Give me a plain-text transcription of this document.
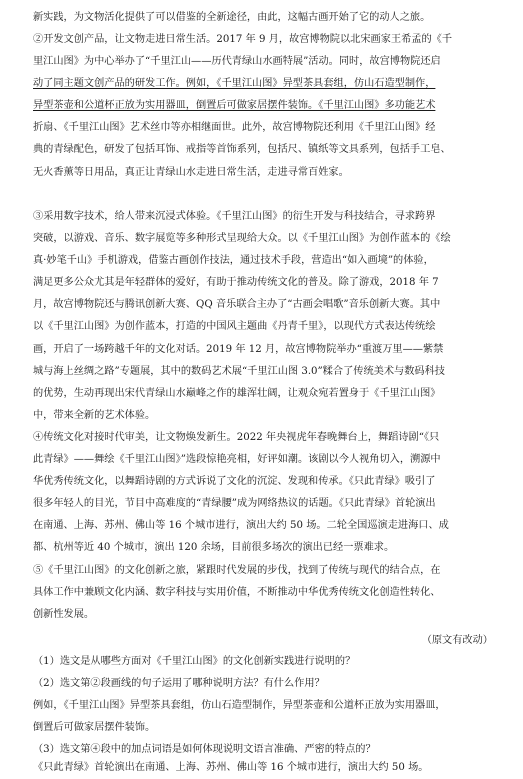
新实践，为文物活化提供了可以借鉴的全新途径，由此，这幅古画开始了它的动人之旅。
②开发文创产品，让文物走进日常生活。2017 年 9 月，故宫博物院以北宋画家王希孟的《千
里江山图》为中心举办了“千里江山——历代青绿山水画特展”活动。同时，故宫博物院还启
动了同主题文创产品的研发工作。例如，《千里江山图》异型茶具套组，仿山石造型制作，
异型茶壶和公道杯正放为实用器皿，倒置后可做家居摆件装饰。《千里江山图》多功能艺术
折扇、《千里江山图》艺术丝巾等亦相继面世。此外，故宫博物院还利用《千里江山图》经
典的青绿配色，研发了包括耳饰、戒指等首饰系列，包括尺、镇纸等文具系列，包括手工皂、
无火香薰等日用品，真正让青绿山水走进日常生活，走进寻常百姓家。
③采用数字技术，给人带来沉浸式体验。《千里江山图》的衍生开发与科技结合，寻求跨界
突破，以游戏、音乐、数字展览等多种形式呈现给大众。以《千里江山图》为创作蓝本的《绘
真·妙笔千山》手机游戏，借鉴古画创作技法，通过技术手段，营造出“如入画境”的体验，
满足更多公众尤其是年轻群体的爱好，有助于推动传统文化的普及。除了游戏，2018 年 7
月，故宫博物院还与腾讯创新大赛、QQ 音乐联合主办了“古画会唱歌”音乐创新大赛。其中
以《千里江山图》为创作蓝本，打造的中国风主题曲《丹青千里》，以现代方式表达传统绘
画，开启了一场跨越千年的文化对话。2019 年 12 月，故宫博物院举办“重渡万里——紫禁
城与海上丝绸之路”专题展，其中的数码艺术展“千里江山图 3.0”糅合了传统美术与数码科技
的优势，生动再现出宋代青绿山水巅峰之作的雄浑壮阔，让观众宛若置身于《千里江山图》
中，带来全新的艺术体验。
④传统文化对接时代审美，让文物焕发新生。2022 年央视虎年春晚舞台上，舞蹈诗剧“《只
此青绿》——舞绘《千里江山图》”选段惊艳亮相，好评如潮。该剧以今人视角切入，溯源中
华优秀传统文化，以舞蹈诗剧的方式诉说了文化的沉淀、发现和传承。《只此青绿》吸引了
很多年轻人的目光，节目中高难度的“青绿腰”成为网络热议的话题。《只此青绿》首轮演出
在南通、上海、苏州、佛山等 16 个城市进行，演出大约 50 场。二轮全国巡演走进海口、成
都、杭州等近 40 个城市，演出 120 余场，目前很多场次的演出已经一票难求。
⑤《千里江山图》的文化创新之旅，紧跟时代发展的步伐，找到了传统与现代的结合点，在
具体工作中兼顾文化内涵、数字科技与实用价值，不断推动中华优秀传统文化创造性转化、
创新性发展。
（原文有改动）
（1）选文是从哪些方面对《千里江山图》的文化创新实践进行说明的？
（2）选文第②段画线的句子运用了哪种说明方法？有什么作用？
例如，《千里江山图》异型茶具套组，仿山石造型制作，异型茶壶和公道杯正放为实用器皿，
倒置后可做家居摆件装饰。
（3）选文第④段中的加点词语是如何体现说明文语言准确、严密的特点的？
《只此青绿》首轮演出在南通、上海、苏州、佛山等 16 个城市进行，演出大约 50 场。
